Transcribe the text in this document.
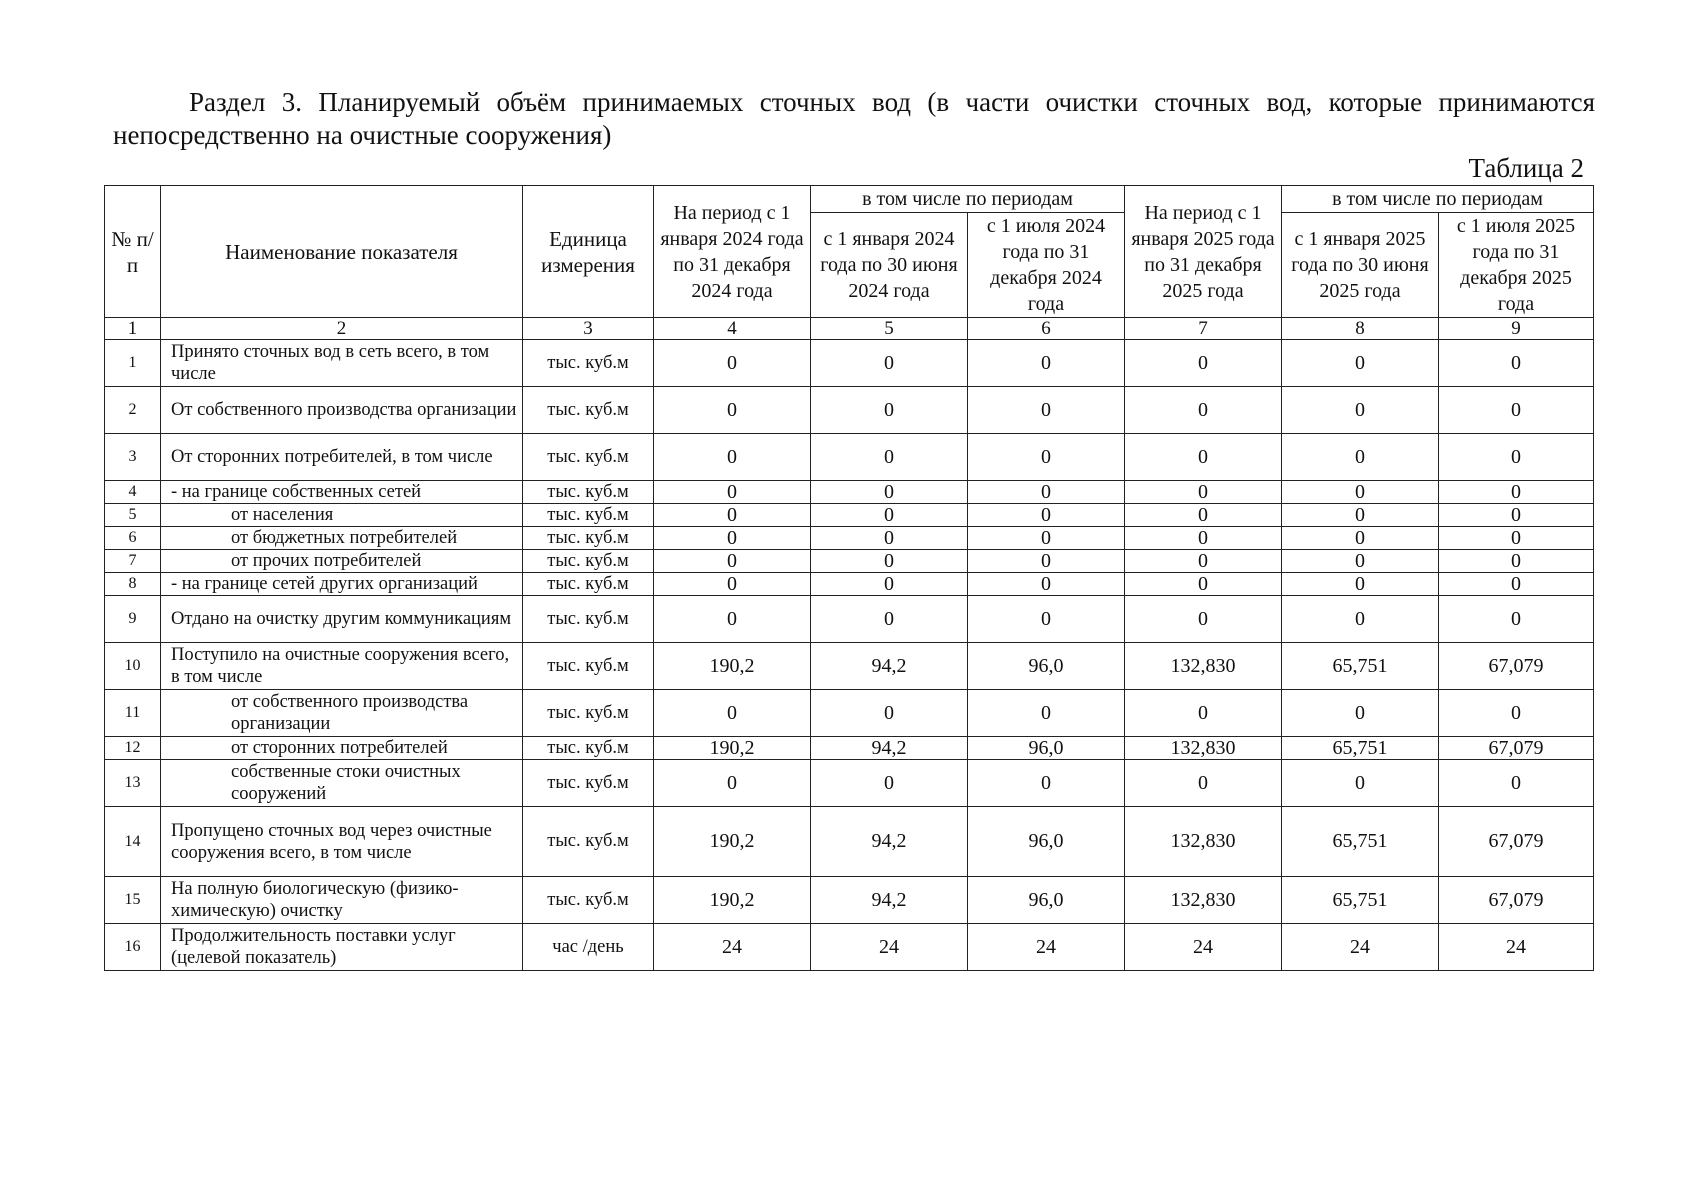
Раздел 3. Планируемый объём принимаемых сточных вод (в части очистки сточных вод, которые принимаются непосредственно на очистные сооружения)
Таблица 2
№ п/п	Наименование показателя	Единица измерения	На период с 1 января 2024 года по 31 декабря 2024 года	в том числе по периодам		На период с 1 января 2025 года по 31 декабря 2025 года	в том числе по периодам	
				с 1 января 2024 года по 30 июня 2024 года	с 1 июля 2024 года по 31 декабря 2024 года		с 1 января 2025 года по 30 июня 2025 года	с 1 июля 2025 года по 31 декабря 2025 года
1	2	3	4	5	6	7	8	9
1	Принято сточных вод в сеть всего, в том числе	тыс. куб.м	0	0	0	0	0	0
2	От собственного производства организации	тыс. куб.м	0	0	0	0	0	0
3	От сторонних потребителей, в том числе	тыс. куб.м	0	0	0	0	0	0
4	- на границе собственных сетей	тыс. куб.м	0	0	0	0	0	0
5	от населения	тыс. куб.м	0	0	0	0	0	0
6	от бюджетных потребителей	тыс. куб.м	0	0	0	0	0	0
7	от прочих потребителей	тыс. куб.м	0	0	0	0	0	0
8	- на границе сетей других организаций	тыс. куб.м	0	0	0	0	0	0
9	Отдано на очистку другим коммуникациям	тыс. куб.м	0	0	0	0	0	0
10	Поступило на очистные сооружения всего, в том числе	тыс. куб.м	190,2	94,2	96,0	132,830	65,751	67,079
11	от собственного производства организации	тыс. куб.м	0	0	0	0	0	0
12	от сторонних потребителей	тыс. куб.м	190,2	94,2	96,0	132,830	65,751	67,079
13	собственные стоки очистных сооружений	тыс. куб.м	0	0	0	0	0	0
14	Пропущено сточных вод через очистные сооружения всего, в том числе	тыс. куб.м	190,2	94,2	96,0	132,830	65,751	67,079
15	На полную биологическую (физико-химическую) очистку	тыс. куб.м	190,2	94,2	96,0	132,830	65,751	67,079
16	Продолжительность поставки услуг (целевой показатель)	час /день	24	24	24	24	24	24
